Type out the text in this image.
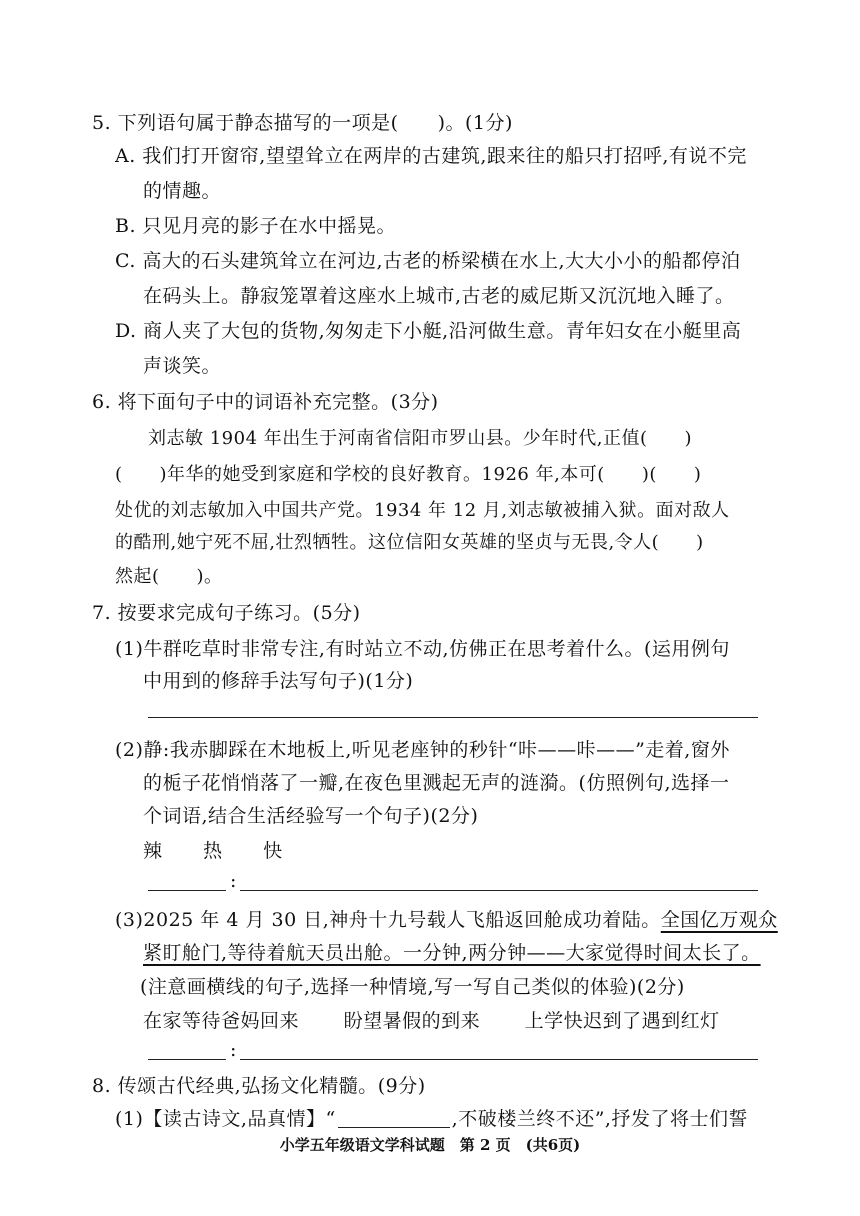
5. 下列语句属于静态描写的一项是(　　)。(1分)
A. 我们打开窗帘,望望耸立在两岸的古建筑,跟来往的船只打招呼,有说不完
的情趣。
B. 只见月亮的影子在水中摇晃。
C. 高大的石头建筑耸立在河边,古老的桥梁横在水上,大大小小的船都停泊
在码头上。静寂笼罩着这座水上城市,古老的威尼斯又沉沉地入睡了。
D. 商人夹了大包的货物,匆匆走下小艇,沿河做生意。青年妇女在小艇里高
声谈笑。
6. 将下面句子中的词语补充完整。(3分)
刘志敏 1904 年出生于河南省信阳市罗山县。少年时代,正值(　　)
(　　)年华的她受到家庭和学校的良好教育。1926 年,本可(　　)(　　)
处优的刘志敏加入中国共产党。1934 年 12 月,刘志敏被捕入狱。面对敌人
的酷刑,她宁死不屈,壮烈牺牲。这位信阳女英雄的坚贞与无畏,令人(　　)
然起(　　)。
7. 按要求完成句子练习。(5分)
(1)牛群吃草时非常专注,有时站立不动,仿佛正在思考着什么。(运用例句
中用到的修辞手法写句子)(1分)
(2)静:我赤脚踩在木地板上,听见老座钟的秒针“咔——咔——”走着,窗外
的栀子花悄悄落了一瓣,在夜色里溅起无声的涟漪。(仿照例句,选择一
个词语,结合生活经验写一个句子)(2分)
辣 热 快
:
(3)2025 年 4 月 30 日,神舟十九号载人飞船返回舱成功着陆。全国亿万观众
紧盯舱门,等待着航天员出舱。一分钟,两分钟——大家觉得时间太长了。
(注意画横线的句子,选择一种情境,写一写自己类似的体验)(2分)
在家等待爸妈回来 盼望暑假的到来 上学快迟到了遇到红灯
:
8. 传颂古代经典,弘扬文化精髓。(9分)
(1)【读古诗文,品真情】“	,不破楼兰终不还”,抒发了将士们誓
小学五年级语文学科试题　第 2 页　(共6页)
